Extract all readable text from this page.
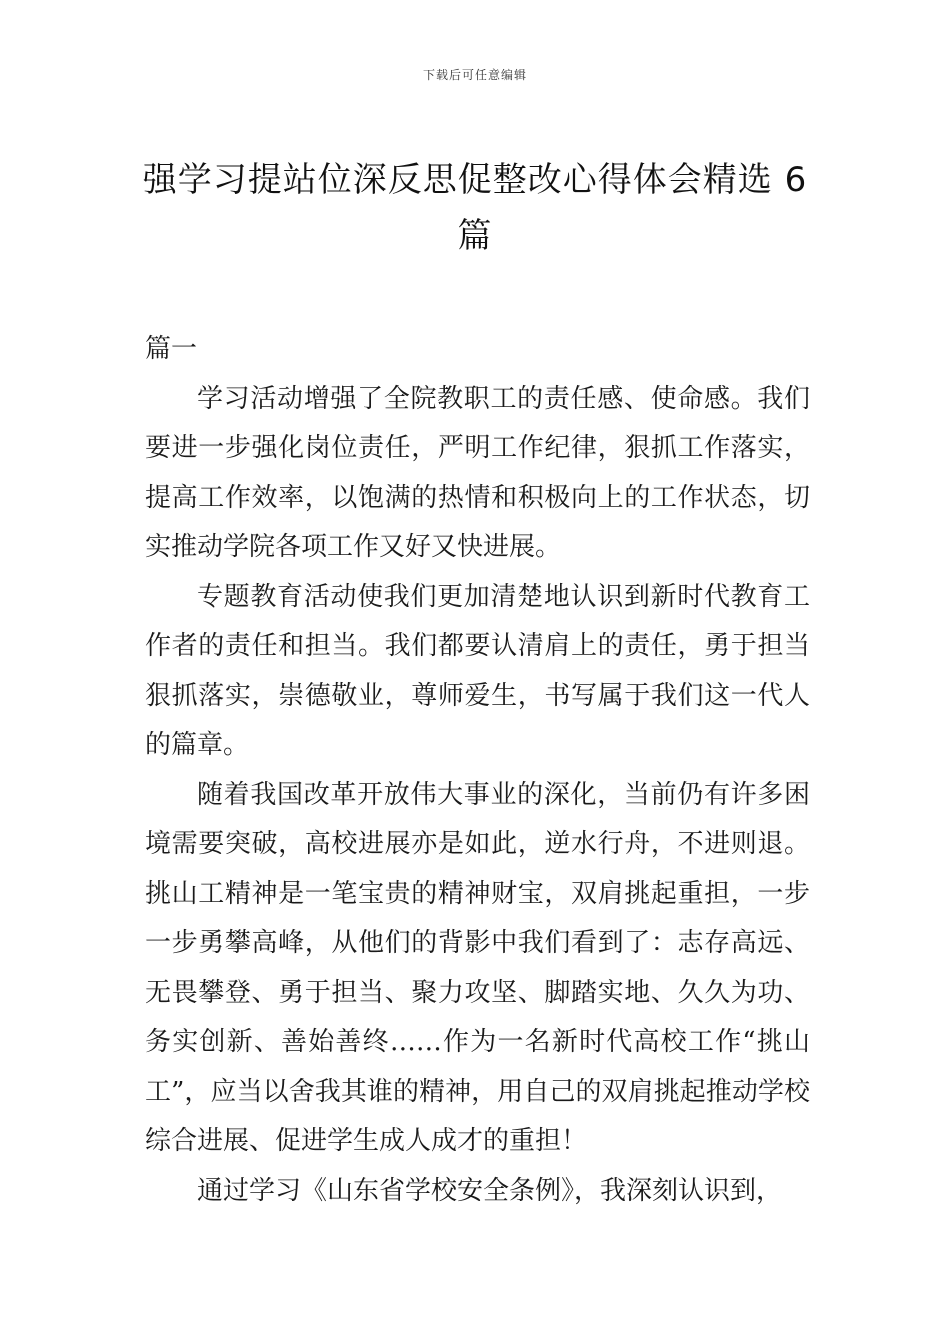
下载后可任意编辑
强学习提站位深反思促整改心得体会精选 6 篇
篇一

学习活动增强了全院教职工的责任感、使命感。我们要进一步强化岗位责任，严明工作纪律，狠抓工作落实，提高工作效率，以饱满的热情和积极向上的工作状态，切实推动学院各项工作又好又快进展。

专题教育活动使我们更加清楚地认识到新时代教育工作者的责任和担当。我们都要认清肩上的责任，勇于担当狠抓落实，崇德敬业，尊师爱生，书写属于我们这一代人的篇章。

随着我国改革开放伟大事业的深化，当前仍有许多困境需要突破，高校进展亦是如此，逆水行舟，不进则退。挑山工精神是一笔宝贵的精神财宝，双肩挑起重担，一步一步勇攀高峰，从他们的背影中我们看到了：志存高远、无畏攀登、勇于担当、聚力攻坚、脚踏实地、久久为功、务实创新、善始善终……作为一名新时代高校工作“挑山工”，应当以舍我其谁的精神，用自己的双肩挑起推动学校综合进展、促进学生成人成才的重担！

通过学习《山东省学校安全条例》，我深刻认识到，
